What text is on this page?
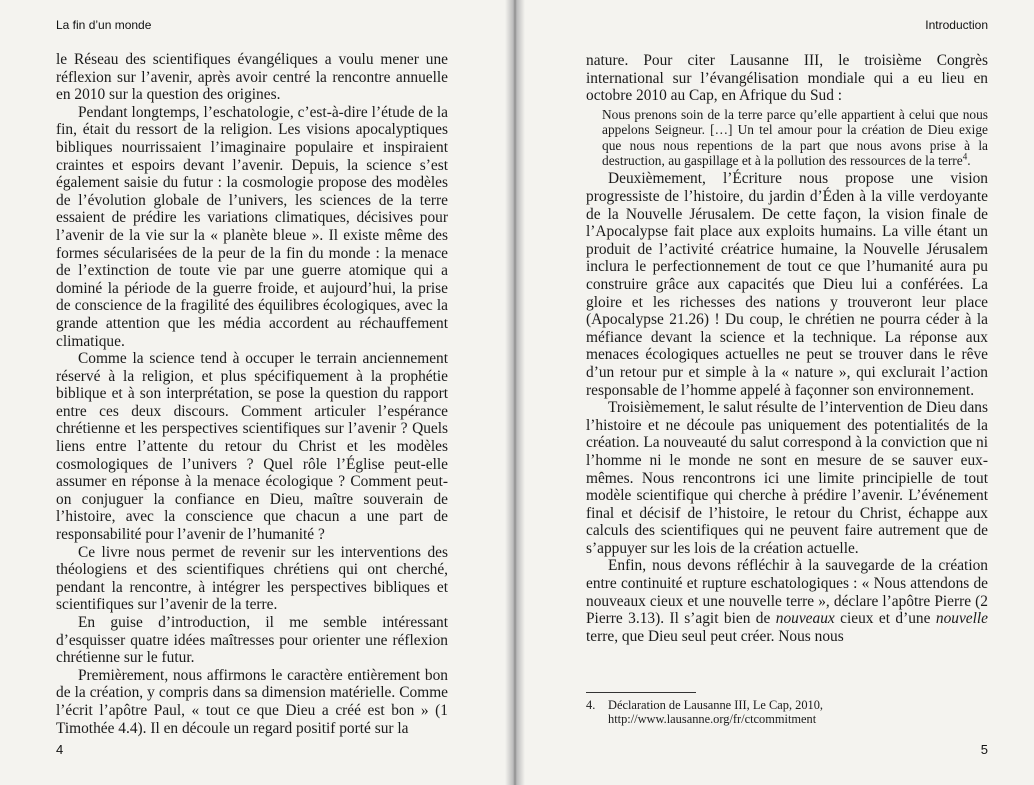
La fin d’un monde

le Réseau des scientifiques évangéliques a voulu mener une réflexion sur l’avenir, après avoir centré la rencontre annuelle en 2010 sur la question des origines.

Pendant longtemps, l’eschatologie, c’est-à-dire l’étude de la fin, était du ressort de la religion. Les visions apocalyptiques bibliques nourrissaient l’imaginaire populaire et inspiraient craintes et espoirs devant l’avenir. Depuis, la science s’est également saisie du futur : la cosmologie propose des modèles de l’évolution globale de l’univers, les sciences de la terre essaient de prédire les variations climatiques, décisives pour l’avenir de la vie sur la « planète bleue ». Il existe même des formes sécularisées de la peur de la fin du monde : la menace de l’extinction de toute vie par une guerre atomique qui a dominé la période de la guerre froide, et aujourd’hui, la prise de conscience de la fragilité des équilibres écologiques, avec la grande attention que les média accordent au réchauffement climatique.

Comme la science tend à occuper le terrain anciennement réservé à la religion, et plus spécifiquement à la prophétie biblique et à son interprétation, se pose la question du rapport entre ces deux discours. Comment articuler l’espérance chrétienne et les perspectives scientifiques sur l’avenir ? Quels liens entre l’attente du retour du Christ et les modèles cosmologiques de l’univers ? Quel rôle l’Église peut-elle assumer en réponse à la menace écologique ? Comment peut-on conjuguer la confiance en Dieu, maître souverain de l’histoire, avec la conscience que chacun a une part de responsabilité pour l’avenir de l’humanité ?

Ce livre nous permet de revenir sur les interventions des théologiens et des scientifiques chrétiens qui ont cherché, pendant la rencontre, à intégrer les perspectives bibliques et scientifiques sur l’avenir de la terre.

En guise d’introduction, il me semble intéressant d’esquisser quatre idées maîtresses pour orienter une réflexion chrétienne sur le futur.

Premièrement, nous affirmons le caractère entièrement bon de la création, y compris dans sa dimension matérielle. Comme l’écrit l’apôtre Paul, « tout ce que Dieu a créé est bon » (1 Timothée 4.4). Il en découle un regard positif porté sur la

4
Introduction

nature. Pour citer Lausanne III, le troisième Congrès international sur l’évangélisation mondiale qui a eu lieu en octobre 2010 au Cap, en Afrique du Sud :

Nous prenons soin de la terre parce qu’elle appartient à celui que nous appelons Seigneur. […] Un tel amour pour la création de Dieu exige que nous nous repentions de la part que nous avons prise à la destruction, au gaspillage et à la pollution des ressources de la terre$^4$.

Deuxièmement, l’Écriture nous propose une vision progressiste de l’histoire, du jardin d’Éden à la ville verdoyante de la Nouvelle Jérusalem. De cette façon, la vision finale de l’Apocalypse fait place aux exploits humains. La ville étant un produit de l’activité créatrice humaine, la Nouvelle Jérusalem inclura le perfectionnement de tout ce que l’humanité aura pu construire grâce aux capacités que Dieu lui a conférées. La gloire et les richesses des nations y trouveront leur place (Apocalypse 21.26) ! Du coup, le chrétien ne pourra céder à la méfiance devant la science et la technique. La réponse aux menaces écologiques actuelles ne peut se trouver dans le rêve d’un retour pur et simple à la « nature », qui exclurait l’action responsable de l’homme appelé à façonner son environnement.

Troisièmement, le salut résulte de l’intervention de Dieu dans l’histoire et ne découle pas uniquement des potentialités de la création. La nouveauté du salut correspond à la conviction que ni l’homme ni le monde ne sont en mesure de se sauver eux-mêmes. Nous rencontrons ici une limite principielle de tout modèle scientifique qui cherche à prédire l’avenir. L’événement final et décisif de l’histoire, le retour du Christ, échappe aux calculs des scientifiques qui ne peuvent faire autrement que de s’appuyer sur les lois de la création actuelle.

Enfin, nous devons réfléchir à la sauvegarde de la création entre continuité et rupture eschatologiques : « Nous attendons de nouveaux cieux et une nouvelle terre », déclare l’apôtre Pierre (2 Pierre 3.13). Il s’agit bien de nouveaux cieux et d’une nouvelle terre, que Dieu seul peut créer. Nous nous

4. Déclaration de Lausanne III, Le Cap, 2010,
http://www.lausanne.org/fr/ctcommitment
5
